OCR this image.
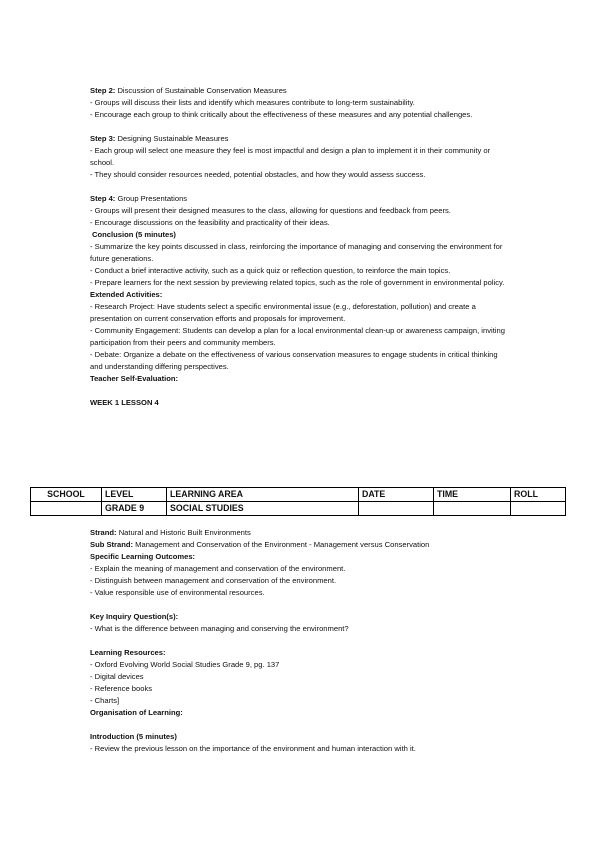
Step 2: Discussion of Sustainable Conservation Measures

- Groups will discuss their lists and identify which measures contribute to long-term sustainability.

- Encourage each group to think critically about the effectiveness of these measures and any potential challenges.

Step 3: Designing Sustainable Measures

- Each group will select one measure they feel is most impactful and design a plan to implement it in their community or school.

- They should consider resources needed, potential obstacles, and how they would assess success.

Step 4: Group Presentations

- Groups will present their designed measures to the class, allowing for questions and feedback from peers.

- Encourage discussions on the feasibility and practicality of their ideas.

Conclusion (5 minutes)

- Summarize the key points discussed in class, reinforcing the importance of managing and conserving the environment for future generations.

- Conduct a brief interactive activity, such as a quick quiz or reflection question, to reinforce the main topics.

- Prepare learners for the next session by previewing related topics, such as the role of government in environmental policy.

Extended Activities:

- Research Project: Have students select a specific environmental issue (e.g., deforestation, pollution) and create a presentation on current conservation efforts and proposals for improvement.

- Community Engagement: Students can develop a plan for a local environmental clean-up or awareness campaign, inviting participation from their peers and community members.

- Debate: Organize a debate on the effectiveness of various conservation measures to engage students in critical thinking and understanding differing perspectives.

Teacher Self-Evaluation:

WEEK 1 LESSON 4

SCHOOL	LEVEL	LEARNING AREA	DATE	TIME	ROLL
	GRADE 9	SOCIAL STUDIES			

Strand: Natural and Historic Built Environments

Sub Strand: Management and Conservation of the Environment - Management versus Conservation

Specific Learning Outcomes:

- Explain the meaning of management and conservation of the environment.

- Distinguish between management and conservation of the environment.

- Value responsible use of environmental resources.

Key Inquiry Question(s):

- What is the difference between managing and conserving the environment?

Learning Resources:

- Oxford Evolving World Social Studies Grade 9, pg. 137

- Digital devices

- Reference books

- Charts]

Organisation of Learning:

Introduction (5 minutes)

- Review the previous lesson on the importance of the environment and human interaction with it.
